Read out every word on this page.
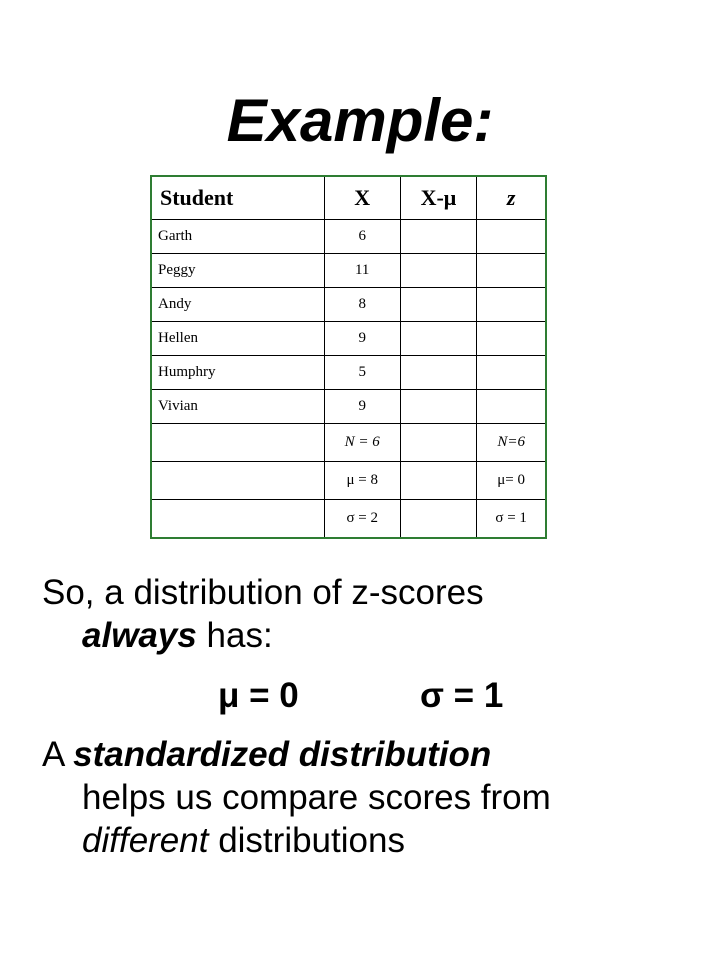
Example:
Student	X	X-μ	z
Garth	6		
Peggy	11		
Andy	8		
Hellen	9		
Humphry	5		
Vivian	9		
	N = 6		N=6
	μ = 8		μ= 0
	σ = 2		σ = 1
So, a distribution of z-scores
always has:
μ = 0	σ = 1
A standardized distribution
helps us compare scores from
different distributions
